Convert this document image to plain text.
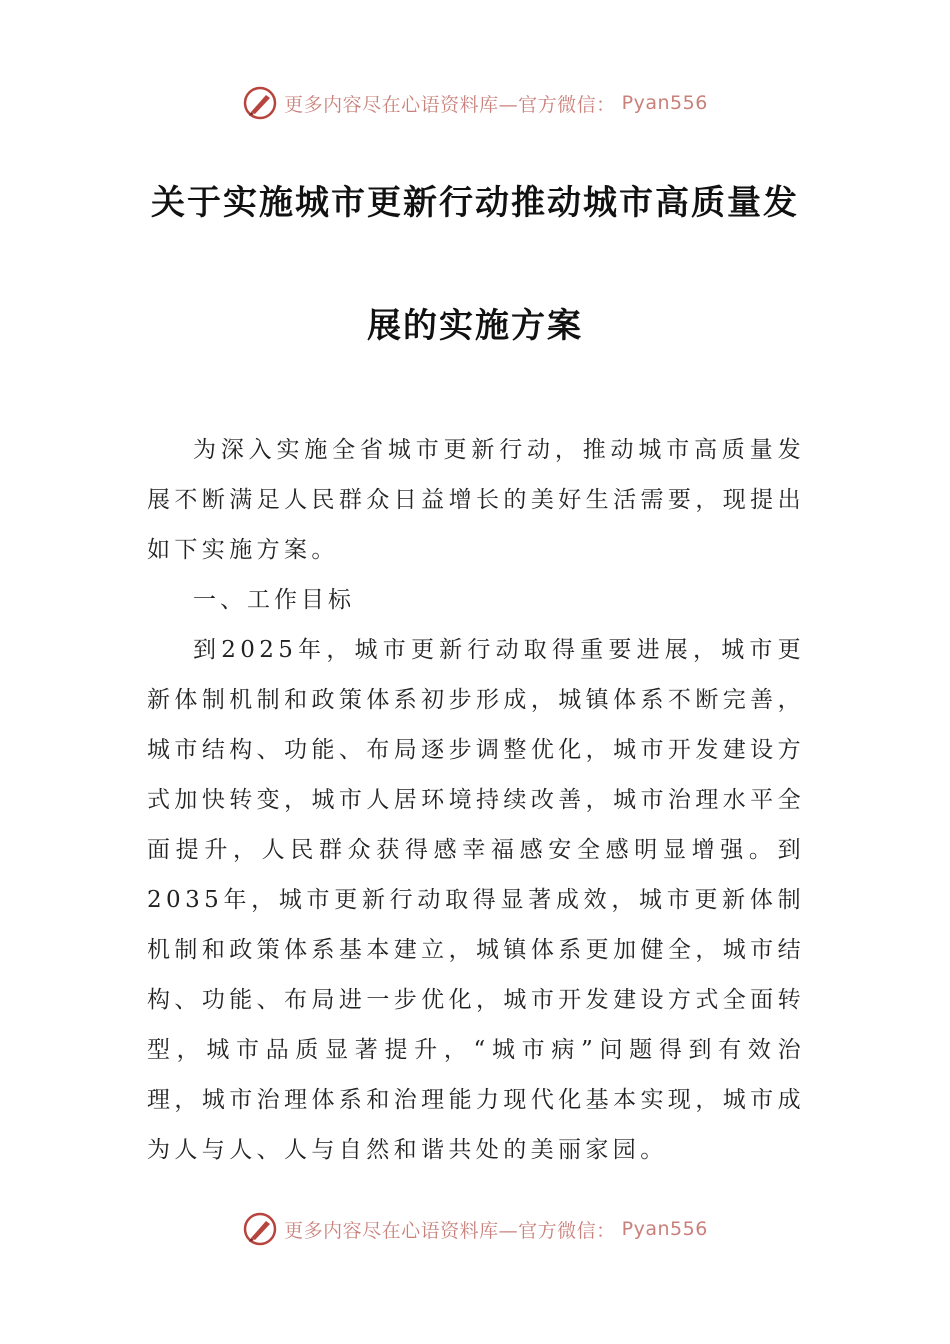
更多内容尽在心语资料库—官方微信： Pyan556
关于实施城市更新行动推动城市高质量发
展的实施方案

为深入实施全省城市更新行动，推动城市高质量发展不断满足人民群众日益增长的美好生活需要，现提出如下实施方案。

一、工作目标

到2025年，城市更新行动取得重要进展，城市更新体制机制和政策体系初步形成，城镇体系不断完善，城市结构、功能、布局逐步调整优化，城市开发建设方式加快转变，城市人居环境持续改善，城市治理水平全面提升，人民群众获得感幸福感安全感明显增强。到2035年，城市更新行动取得显著成效，城市更新体制机制和政策体系基本建立，城镇体系更加健全，城市结构、功能、布局进一步优化，城市开发建设方式全面转型，城市品质显著提升，“城市病”问题得到有效治理，城市治理体系和治理能力现代化基本实现，城市成为人与人、人与自然和谐共处的美丽家园。

更多内容尽在心语资料库—官方微信： Pyan556
